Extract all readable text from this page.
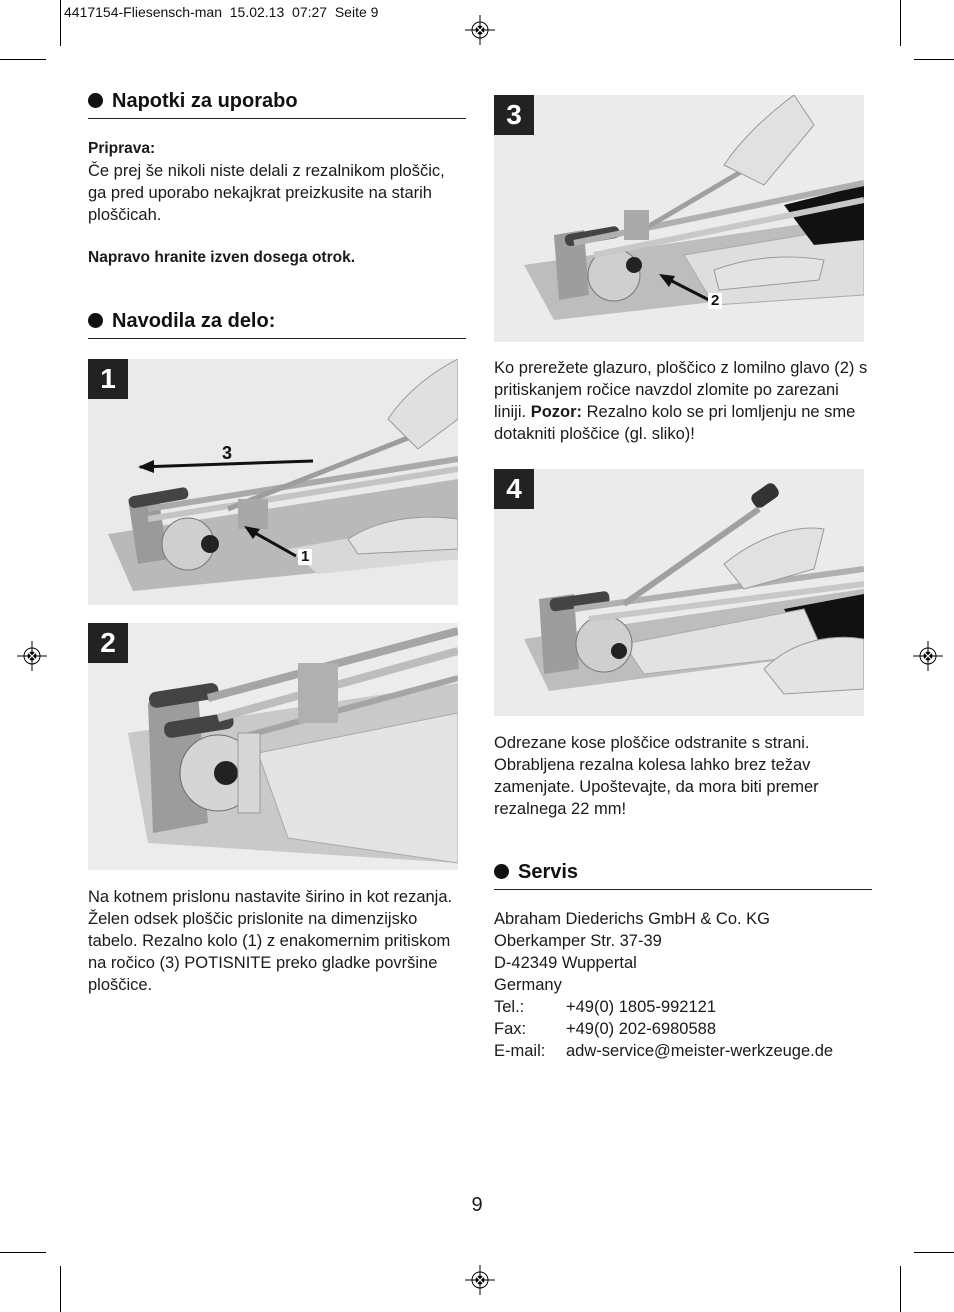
4417154-Fliesensch-man  15.02.13  07:27  Seite 9
Napotki za uporabo

Priprava:

Če prej še nikoli niste delali z rezalnikom ploščic, ga pred uporabo nekajkrat preizkusite na starih ploščicah.

Napravo hranite izven dosega otrok.
Navodila za delo:
1
3
1
2
Na kotnem prislonu nastavite širino in kot rezanja. Želen odsek ploščic prislonite na dimenzijsko tabelo. Rezalno kolo (1) z enakomernim pritiskom na ročico (3) POTISNITE preko gladke površine ploščice.
3
2
Ko prerežete glazuro, ploščico z lomilno glavo (2) s pritiskanjem ročice navzdol zlomite po zarezani liniji. Pozor: Rezalno kolo se pri lomljenju ne sme dotakniti ploščice (gl. sliko)!
4
Odrezane kose ploščice odstranite s strani. Obrabljena rezalna kolesa lahko brez težav zamenjate. Upoštevajte, da mora biti premer rezalnega 22 mm!
Servis

Abraham Diederichs GmbH & Co. KG

Oberkamper Str. 37-39

D-42349 Wuppertal

Germany

Tel.:	+49(0) 1805-992121
Fax:	+49(0) 202-6980588
E-mail:	adw-service@meister-werkzeuge.de
9
